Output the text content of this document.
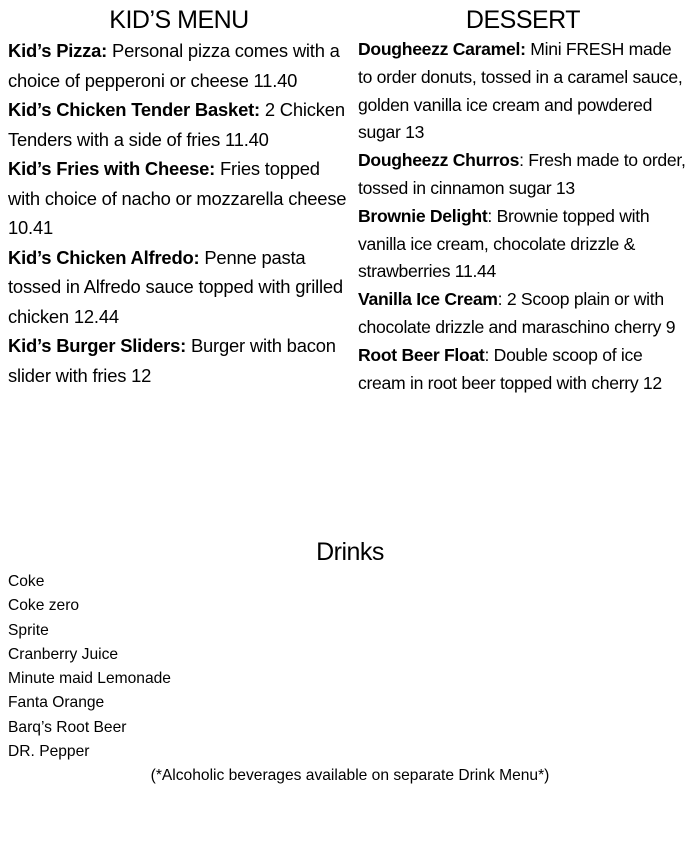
KID’S MENU
Kid’s Pizza: Personal pizza comes with a choice of pepperoni or cheese 11.40
Kid’s Chicken Tender Basket: 2 Chicken Tenders with a side of fries 11.40
Kid’s Fries with Cheese: Fries topped with choice of nacho or mozzarella cheese 10.41
Kid’s Chicken Alfredo: Penne pasta tossed in Alfredo sauce topped with grilled chicken 12.44
Kid’s Burger Sliders: Burger with bacon slider with fries 12
DESSERT
Dougheezz Caramel: Mini FRESH made to order donuts, tossed in a caramel sauce, golden vanilla ice cream and powdered sugar 13
Dougheezz Churros: Fresh made to order, tossed in cinnamon sugar 13
Brownie Delight: Brownie topped with vanilla ice cream, chocolate drizzle & strawberries 11.44
Vanilla Ice Cream: 2 Scoop plain or with chocolate drizzle and maraschino cherry 9
Root Beer Float: Double scoop of ice cream in root beer topped with cherry 12
Drinks
Coke
Coke zero
Sprite
Cranberry Juice
Minute maid Lemonade
Fanta Orange
Barq’s Root Beer
DR. Pepper
(*Alcoholic beverages available on separate Drink Menu*)
